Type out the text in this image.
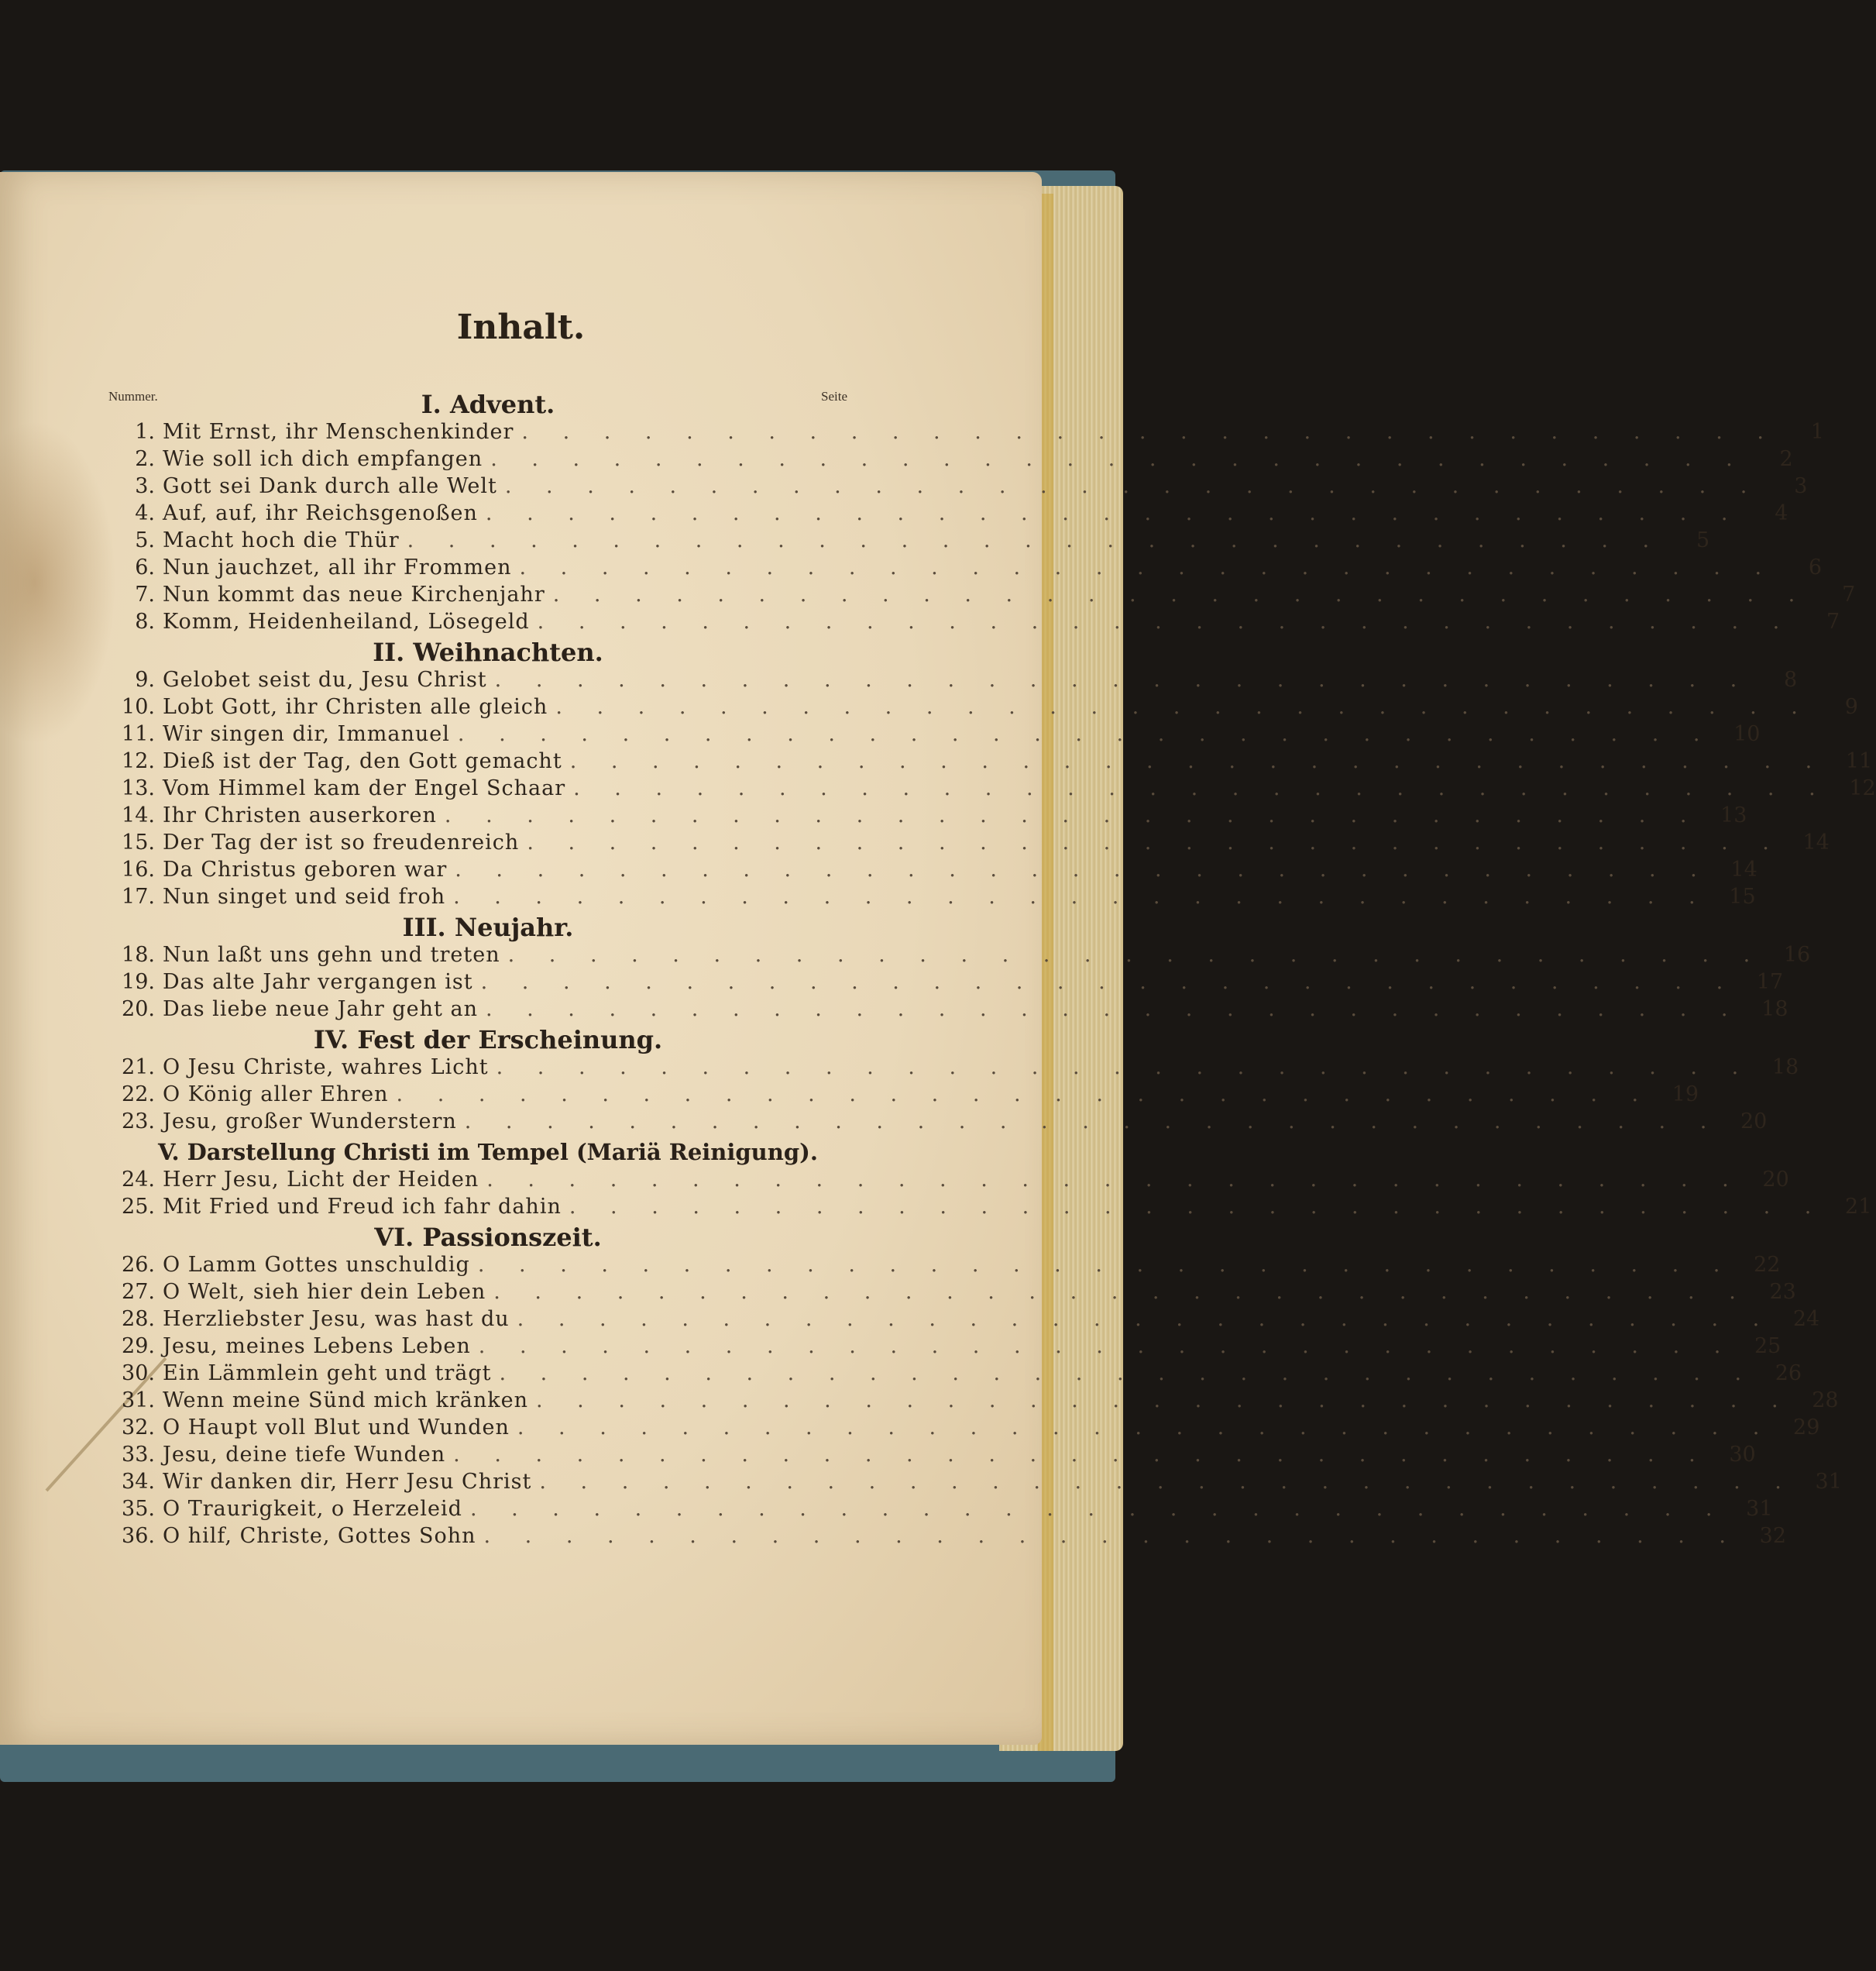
Inhalt.
Nummer.	Seite
I. Advent.
1. Mit Ernst, ihr Menschenkinder . . . . . . . . . . . . . . . . . . . . . . . . . . . . . . .	1
2. Wie soll ich dich empfangen . . . . . . . . . . . . . . . . . . . . . . . . . . . . . . .	2
3. Gott sei Dank durch alle Welt . . . . . . . . . . . . . . . . . . . . . . . . . . . . . . .	3
4. Auf, auf, ihr Reichsgenoßen . . . . . . . . . . . . . . . . . . . . . . . . . . . . . . .	4
5. Macht hoch die Thür . . . . . . . . . . . . . . . . . . . . . . . . . . . . . . .	5
6. Nun jauchzet, all ihr Frommen . . . . . . . . . . . . . . . . . . . . . . . . . . . . . . .	6
7. Nun kommt das neue Kirchenjahr . . . . . . . . . . . . . . . . . . . . . . . . . . . . . . .	7
8. Komm, Heidenheiland, Lösegeld . . . . . . . . . . . . . . . . . . . . . . . . . . . . . . .	7
II. Weihnachten.
9. Gelobet seist du, Jesu Christ . . . . . . . . . . . . . . . . . . . . . . . . . . . . . . .	8
10. Lobt Gott, ihr Christen alle gleich . . . . . . . . . . . . . . . . . . . . . . . . . . . . . . .	9
11. Wir singen dir, Immanuel . . . . . . . . . . . . . . . . . . . . . . . . . . . . . . . 10
12. Dieß ist der Tag, den Gott gemacht . . . . . . . . . . . . . . . . . . . . . . . . . . . . . . . 11
13. Vom Himmel kam der Engel Schaar . . . . . . . . . . . . . . . . . . . . . . . . . . . . . . . 12
14. Ihr Christen auserkoren . . . . . . . . . . . . . . . . . . . . . . . . . . . . . . . 13
15. Der Tag der ist so freudenreich . . . . . . . . . . . . . . . . . . . . . . . . . . . . . . . 14
16. Da Christus geboren war . . . . . . . . . . . . . . . . . . . . . . . . . . . . . . . 14
17. Nun singet und seid froh . . . . . . . . . . . . . . . . . . . . . . . . . . . . . . . 15
III. Neujahr.
18. Nun laßt uns gehn und treten . . . . . . . . . . . . . . . . . . . . . . . . . . . . . . . 16
19. Das alte Jahr vergangen ist . . . . . . . . . . . . . . . . . . . . . . . . . . . . . . . 17
20. Das liebe neue Jahr geht an . . . . . . . . . . . . . . . . . . . . . . . . . . . . . . . 18
IV. Fest der Erscheinung.
21. O Jesu Christe, wahres Licht . . . . . . . . . . . . . . . . . . . . . . . . . . . . . . . 18
22. O König aller Ehren . . . . . . . . . . . . . . . . . . . . . . . . . . . . . . . 19
23. Jesu, großer Wunderstern . . . . . . . . . . . . . . . . . . . . . . . . . . . . . . . 20
V. Darstellung Christi im Tempel (Mariä Reinigung).
24. Herr Jesu, Licht der Heiden . . . . . . . . . . . . . . . . . . . . . . . . . . . . . . . 20
25. Mit Fried und Freud ich fahr dahin . . . . . . . . . . . . . . . . . . . . . . . . . . . . . . . 21
VI. Passionszeit.
26. O Lamm Gottes unschuldig . . . . . . . . . . . . . . . . . . . . . . . . . . . . . . . 22
27. O Welt, sieh hier dein Leben . . . . . . . . . . . . . . . . . . . . . . . . . . . . . . . 23
28. Herzliebster Jesu, was hast du . . . . . . . . . . . . . . . . . . . . . . . . . . . . . . . 24
29. Jesu, meines Lebens Leben . . . . . . . . . . . . . . . . . . . . . . . . . . . . . . . 25
30. Ein Lämmlein geht und trägt . . . . . . . . . . . . . . . . . . . . . . . . . . . . . . . 26
31. Wenn meine Sünd mich kränken . . . . . . . . . . . . . . . . . . . . . . . . . . . . . . . 28
32. O Haupt voll Blut und Wunden . . . . . . . . . . . . . . . . . . . . . . . . . . . . . . . 29
33. Jesu, deine tiefe Wunden . . . . . . . . . . . . . . . . . . . . . . . . . . . . . . . 30
34. Wir danken dir, Herr Jesu Christ . . . . . . . . . . . . . . . . . . . . . . . . . . . . . . . 31
35. O Traurigkeit, o Herzeleid . . . . . . . . . . . . . . . . . . . . . . . . . . . . . . . 31
36. O hilf, Christe, Gottes Sohn . . . . . . . . . . . . . . . . . . . . . . . . . . . . . . . 32
